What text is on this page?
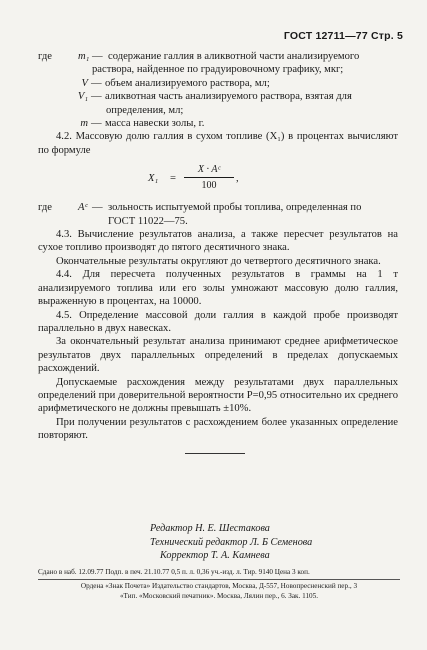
ГОСТ 12711—77 Стр. 5
где	m₁ — содержание галлия в аликвотной части анализируемого
раствора, найденное по градуировочному графику, мкг;
V — объем анализируемого раствора, мл;
V₁ — аликвотная часть анализируемого раствора, взятая для
определения, мл;
m — масса навески золы, г.

4.2. Массовую долю галлия в сухом топливе (X₁) в процентах вычисляют по формуле

X₁ =
X · Aᶜ
100
,
где	Aᶜ — зольность испытуемой пробы топлива, определенная по
ГОСТ 11022—75.

4.3. Вычисление результатов анализа, а также пересчет результатов на сухое топливо производят до пятого десятичного знака.

Окончательные результаты округляют до четвертого десятичного знака.

4.4. Для пересчета полученных результатов в граммы на 1 т анализируемого топлива или его золы умножают массовую долю галлия, выраженную в процентах, на 10000.

4.5. Определение массовой доли галлия в каждой пробе производят параллельно в двух навесках.

За окончательный результат анализа принимают среднее арифметическое результатов двух параллельных определений в пределах допускаемых расхождений.

Допускаемые расхождения между результатами двух параллельных определений при доверительной вероятности P=0,95 относительно их среднего арифметического не должны превышать ±10%.

При получении результатов с расхождением более указанных определение повторяют.

Редактор Н. Е. Шестакова
Технический редактор Л. Б Семенова
Корректор Т. А. Камнева
Сдано в наб. 12.09.77 Подп. в печ. 21.10.77 0,5 п. л. 0,36 уч.-изд. л. Тир. 9140 Цена 3 коп.
Ордена «Знак Почета» Издательство стандартов, Москва, Д-557, Новопресненский пер., 3
«Тип. «Московский печатник». Москва, Лялин пер., 6. Зак. 1105.
